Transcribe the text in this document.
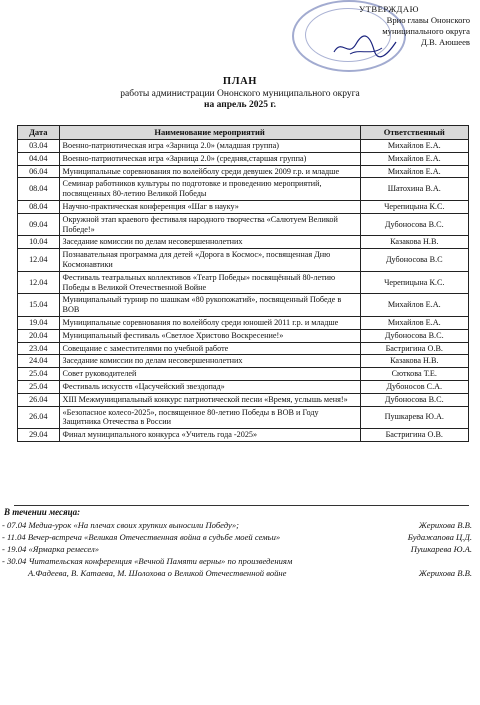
УТВЕРЖДАЮ
Врио главы Ононского
муниципального округа
Д.В. Аюшеев
ПЛАН
работы администрации Ононского муниципального округа
на апрель 2025 г.
Дата	Наименование мероприятий	Ответственный
03.04	Военно-патриотическая игра «Зарница 2.0» (младшая группа)	Михайлов Е.А.
04.04	Военно-патриотическая игра «Зарница 2.0» (средняя,старшая группа)	Михайлов Е.А.
06.04	Муниципальные соревнования по волейболу среди девушек 2009 г.р. и младше	Михайлов Е.А.
08.04	Семинар работников культуры по подготовке и проведению мероприятий, посвященных 80-летию Великой Победы	Шатохина В.А.
08.04	Научно-практическая конференция «Шаг в науку»	Черепицына К.С.
09.04	Окружной этап краевого фестиваля народного творчества «Салютуем Великой Победе!»	Дубоносова В.С.
10.04	Заседание комиссии по делам несовершеннолетних	Казакова Н.В.
12.04	Познавательная программа для детей «Дорога в Космос», посвященная Дню Космонавтики	Дубоносова В.С
12.04	Фестиваль театральных коллективов «Театр Победы» посвящённый 80-летию Победы в Великой Отечественной Войне	Черепицына К.С.
15.04	Муниципальный турнир по шашкам «80 рукопожатий», посвященный Победе в ВОВ	Михайлов Е.А.
19.04	Муниципальные соревнования по волейболу среди юношей 2011 г.р. и младше	Михайлов Е.А.
20.04	Муниципальный фестиваль «Светлое Христово Воскресение!»	Дубоносова В.С.
23.04	Совещание с заместителями по учебной работе	Бастригина О.В.
24.04	Заседание комиссии по делам несовершеннолетних	Казакова Н.В.
25.04	Совет руководителей	Сюткова Т.Е.
25.04	Фестиваль искусств «Цасучейский звездопад»	Дубоносов С.А.
26.04	XIII Межмуниципальный конкурс патриотической песни «Время, услышь меня!»	Дубоносова В.С.
26.04	«Безопасное колесо-2025», посвященное 80-летию Победы в ВОВ и Году Защитника Отечества в России	Пушкарева Ю.А.
29.04	Финал муниципального конкурса «Учитель года -2025»	Бастригина О.В.
В течении месяца:
- 07.04 Медиа-урок «На плечах своих хрупких выносили Победу»;	Жерихова В.В.
- 11.04 Вечер-встреча «Великая Отечественная война в судьбе моей семьи»	Будажапова Ц.Д.
- 19.04 «Ярмарка ремесел»	Пушкарева Ю.А.
- 30.04 Читательская конференция «Вечной Памяти верны» по произведениям
А.Фадеева, В. Катаева, М. Шолохова о Великой Отечественной войне	Жерихова В.В.
